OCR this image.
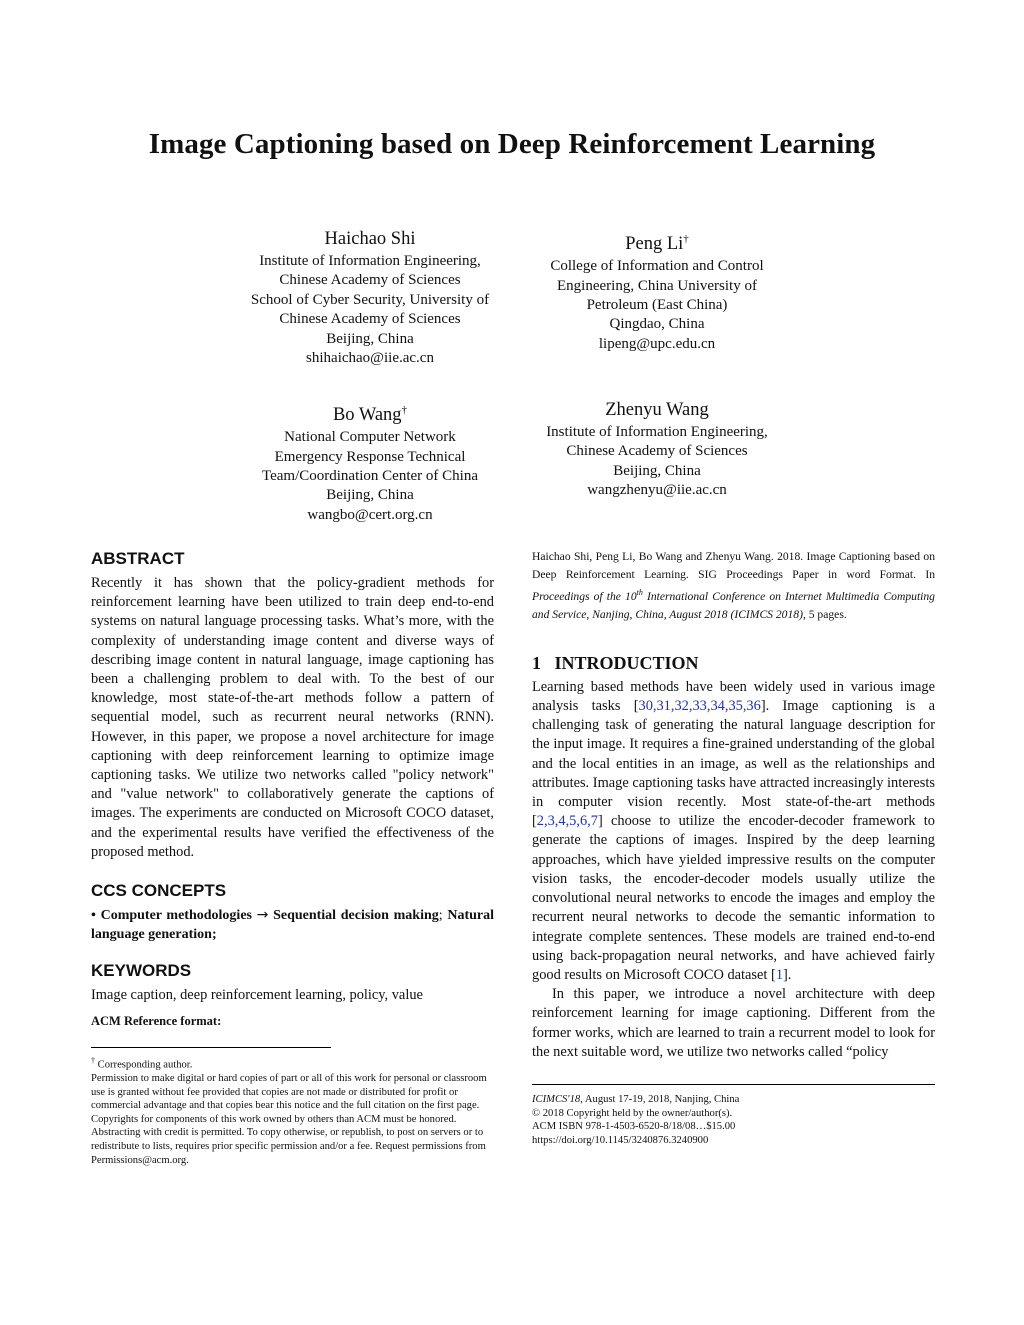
Image Captioning based on Deep Reinforcement Learning
Haichao Shi
Institute of Information Engineering,
Chinese Academy of Sciences
School of Cyber Security, University of
Chinese Academy of Sciences
Beijing, China
shihaichao@iie.ac.cn
Peng Li†
College of Information and Control
Engineering, China University of
Petroleum (East China)
Qingdao, China
lipeng@upc.edu.cn
Bo Wang†
National Computer Network
Emergency Response Technical
Team/Coordination Center of China
Beijing, China
wangbo@cert.org.cn
Zhenyu Wang
Institute of Information Engineering,
Chinese Academy of Sciences
Beijing, China
wangzhenyu@iie.ac.cn
ABSTRACT

Recently it has shown that the policy-gradient methods for reinforcement learning have been utilized to train deep end-to-end systems on natural language processing tasks. What’s more, with the complexity of understanding image content and diverse ways of describing image content in natural language, image captioning has been a challenging problem to deal with. To the best of our knowledge, most state-of-the-art methods follow a pattern of sequential model, such as recurrent neural networks (RNN). However, in this paper, we propose a novel architecture for image captioning with deep reinforcement learning to optimize image captioning tasks. We utilize two networks called "policy network" and "value network" to collaboratively generate the captions of images. The experiments are conducted on Microsoft COCO dataset, and the experimental results have verified the effectiveness of the proposed method.

CCS CONCEPTS

• Computer methodologies → Sequential decision making; Natural language generation;

KEYWORDS

Image caption, deep reinforcement learning, policy, value

ACM Reference format:
† Corresponding author.
Permission to make digital or hard copies of part or all of this work for personal or classroom use is granted without fee provided that copies are not made or distributed for profit or commercial advantage and that copies bear this notice and the full citation on the first page. Copyrights for components of this work owned by others than ACM must be honored. Abstracting with credit is permitted. To copy otherwise, or republish, to post on servers or to redistribute to lists, requires prior specific permission and/or a fee. Request permissions from Permissions@acm.org.

Haichao Shi, Peng Li, Bo Wang and Zhenyu Wang. 2018. Image Captioning based on Deep Reinforcement Learning. SIG Proceedings Paper in word Format. In Proceedings of the 10th International Conference on Internet Multimedia Computing and Service, Nanjing, China, August 2018 (ICIMCS 2018), 5 pages.

1 INTRODUCTION

Learning based methods have been widely used in various image analysis tasks [30,31,32,33,34,35,36]. Image captioning is a challenging task of generating the natural language description for the input image. It requires a fine-grained understanding of the global and the local entities in an image, as well as the relationships and attributes. Image captioning tasks have attracted increasingly interests in computer vision recently. Most state-of-the-art methods [2,3,4,5,6,7] choose to utilize the encoder-decoder framework to generate the captions of images. Inspired by the deep learning approaches, which have yielded impressive results on the computer vision tasks, the encoder-decoder models usually utilize the convolutional neural networks to encode the images and employ the recurrent neural networks to decode the semantic information to integrate complete sentences. These models are trained end-to-end using back-propagation neural networks, and have achieved fairly good results on Microsoft COCO dataset [1].

In this paper, we introduce a novel architecture with deep reinforcement learning for image captioning. Different from the former works, which are learned to train a recurrent model to look for the next suitable word, we utilize two networks called “policy

ICIMCS'18, August 17-19, 2018, Nanjing, China
© 2018 Copyright held by the owner/author(s).
ACM ISBN 978-1-4503-6520-8/18/08…$15.00
https://doi.org/10.1145/3240876.3240900
